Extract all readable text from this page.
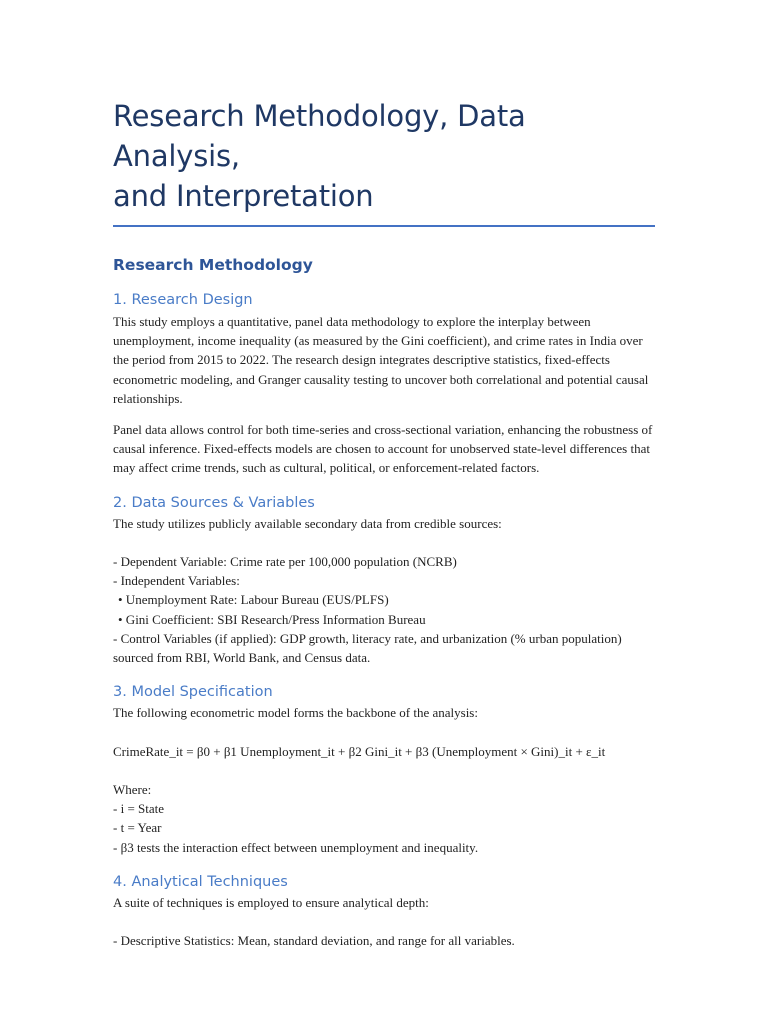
Research Methodology, Data Analysis,
and Interpretation
Research Methodology
1. Research Design

This study employs a quantitative, panel data methodology to explore the interplay between unemployment, income inequality (as measured by the Gini coefficient), and crime rates in India over the period from 2015 to 2022. The research design integrates descriptive statistics, fixed-effects econometric modeling, and Granger causality testing to uncover both correlational and potential causal relationships.

Panel data allows control for both time-series and cross-sectional variation, enhancing the robustness of causal inference. Fixed-effects models are chosen to account for unobserved state-level differences that may affect crime trends, such as cultural, political, or enforcement-related factors.

2. Data Sources & Variables

The study utilizes publicly available secondary data from credible sources:

- Dependent Variable: Crime rate per 100,000 population (NCRB)

- Independent Variables:

• Unemployment Rate: Labour Bureau (EUS/PLFS)

• Gini Coefficient: SBI Research/Press Information Bureau

- Control Variables (if applied): GDP growth, literacy rate, and urbanization (% urban population) sourced from RBI, World Bank, and Census data.

3. Model Specification

The following econometric model forms the backbone of the analysis:

CrimeRate_it = β0 + β1 Unemployment_it + β2 Gini_it + β3 (Unemployment × Gini)_it + ε_it

Where:

- i = State

- t = Year

- β3 tests the interaction effect between unemployment and inequality.

4. Analytical Techniques

A suite of techniques is employed to ensure analytical depth:

- Descriptive Statistics: Mean, standard deviation, and range for all variables.
